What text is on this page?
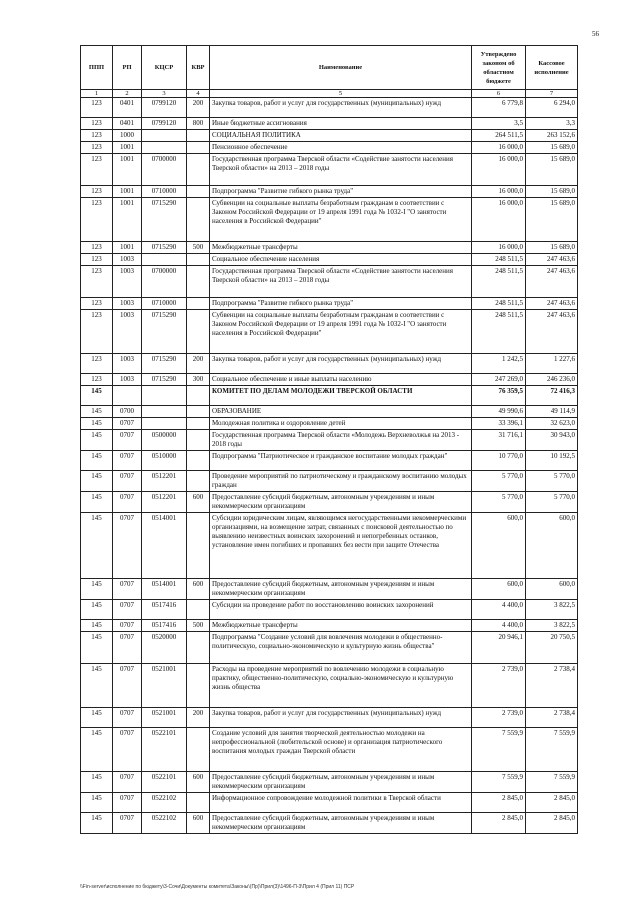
56
ППП	РП	КЦСР	КВР	Наименование	Утверждено законом об областном бюджете	Кассовое исполнение
1	2	3	4	5	6	7
123	0401	0799120	200	Закупка товаров, работ и услуг для государственных (муниципальных) нужд	6 779,8	6 294,0
123	0401	0799120	800	Иные бюджетные ассигнования	3,5	3,3
123	1000			СОЦИАЛЬНАЯ ПОЛИТИКА	264 511,5	263 152,6
123	1001			Пенсионное обеспечение	16 000,0	15 689,0
123	1001	0700000		Государственная программа Тверской области «Содействие занятости населения Тверской области» на 2013 – 2018 годы	16 000,0	15 689,0
123	1001	0710000		Подпрограмма "Развитие гибкого рынка труда"	16 000,0	15 689,0
123	1001	0715290		Субвенции на социальные выплаты безработным гражданам в соответствии с Законом Российской Федерации от 19 апреля 1991 года № 1032-I "О занятости населения в Российской Федерации"	16 000,0	15 689,0
123	1001	0715290	500	Межбюджетные трансферты	16 000,0	15 689,0
123	1003			Социальное обеспечение населения	248 511,5	247 463,6
123	1003	0700000		Государственная программа Тверской области «Содействие занятости населения Тверской области» на 2013 – 2018 годы	248 511,5	247 463,6
123	1003	0710000		Подпрограмма "Развитие гибкого рынка труда"	248 511,5	247 463,6
123	1003	0715290		Субвенции на социальные выплаты безработным гражданам в соответствии с Законом Российской Федерации от 19 апреля 1991 года № 1032-I "О занятости населения в Российской Федерации"	248 511,5	247 463,6
123	1003	0715290	200	Закупка товаров, работ и услуг для государственных (муниципальных) нужд	1 242,5	1 227,6
123	1003	0715290	300	Социальное обеспечение и иные выплаты населению	247 269,0	246 236,0
145				КОМИТЕТ ПО ДЕЛАМ МОЛОДЕЖИ ТВЕРСКОЙ ОБЛАСТИ	76 359,5	72 416,3
145	0700			ОБРАЗОВАНИЕ	49 990,6	49 114,9
145	0707			Молодежная политика и оздоровление детей	33 396,1	32 623,0
145	0707	0500000		Государственная программа Тверской области «Молодежь Верхневолжья на 2013 - 2018 годы	31 716,1	30 943,0
145	0707	0510000		Подпрограмма "Патриотическое и гражданское воспитание молодых граждан"	10 770,0	10 192,5
145	0707	0512201		Проведение мероприятий по патриотическому и гражданскому воспитанию молодых граждан	5 770,0	5 770,0
145	0707	0512201	600	Предоставление субсидий бюджетным, автономным учреждениям и иным некоммерческим организациям	5 770,0	5 770,0
145	0707	0514001		Субсидии юридическим лицам, являющимся негосударственными некоммерческими организациями, на возмещение затрат, связанных с поисковой деятельностью по выявлению неизвестных воинских захоронений и непогребенных останков, установление имен погибших и пропавших без вести при защите Отечества	600,0	600,0
145	0707	0514001	600	Предоставление субсидий бюджетным, автономным учреждениям и иным некоммерческим организациям	600,0	600,0
145	0707	0517416		Субсидии на проведение работ по восстановлению воинских захоронений	4 400,0	3 822,5
145	0707	0517416	500	Межбюджетные трансферты	4 400,0	3 822,5
145	0707	0520000		Подпрограмма "Создание условий для вовлечения молодежи в общественно-политическую, социально-экономическую и культурную жизнь общества"	20 946,1	20 750,5
145	0707	0521001		Расходы на проведение мероприятий по вовлечению молодежи в социальную практику, общественно-политическую, социально-экономическую и культурную жизнь общества	2 739,0	2 738,4
145	0707	0521001	200	Закупка товаров, работ и услуг для государственных (муниципальных) нужд	2 739,0	2 738,4
145	0707	0522101		Создание условий для занятия творческой деятельностью молодежи на непрофессиональной (любительской основе) и организация патриотического воспитания молодых граждан Тверской области	7 559,9	7 559,9
145	0707	0522101	600	Предоставление субсидий бюджетным, автономным учреждениям и иным некоммерческим организациям	7 559,9	7 559,9
145	0707	0522102		Информационное сопровождение молодежной политики в Тверской области	2 845,0	2 845,0
145	0707	0522102	600	Предоставление субсидий бюджетным, автономным учреждениям и иным некоммерческим организациям	2 845,0	2 845,0
\\Fin-server\исполнение по бюджету\3-Сочи\Документы комитета\Законы\(Пр)\Прил(3)\1496-П-3\Прил 4 (Прил 11) ПСР
